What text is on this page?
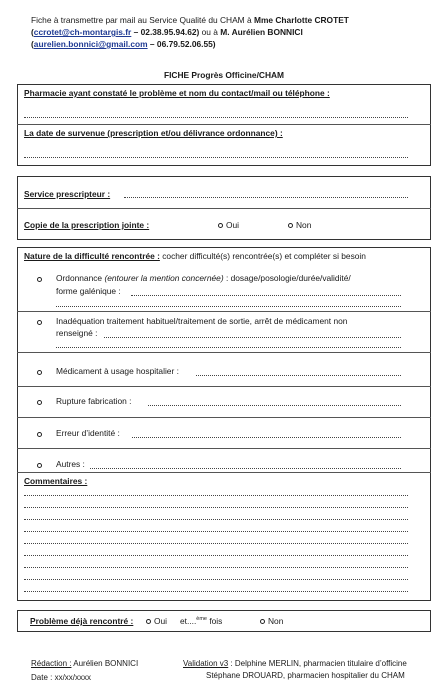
Fiche à transmettre par mail au Service Qualité du CHAM à Mme Charlotte CROTET
(ccrotet@ch-montargis.fr – 02.38.95.94.62) ou à M. Aurélien BONNICI
(aurelien.bonnici@gmail.com – 06.79.52.06.55)
FICHE Progrès Officine/CHAM
Pharmacie ayant constaté le problème et nom du contact/mail ou téléphone :
La date de survenue (prescription et/ou délivrance ordonnance) :
Service prescripteur :
Copie de la prescription jointe :	Oui	Non
Nature de la difficulté rencontrée : cocher difficulté(s) rencontrée(s) et compléter si besoin
Ordonnance (entourer la mention concernée) : dosage/posologie/durée/validité/
forme galénique :
Inadéquation traitement habituel/traitement de sortie, arrêt de médicament non
renseigné :
Médicament à usage hospitalier :
Rupture fabrication :
Erreur d’identité :
Autres :
Commentaires :
Problème déjà rencontré :	Oui et....$^{ème}$ fois	Non
Rédaction : Aurélien BONNICI
Date : xx/xx/xxxx
Validation v3 : Delphine MERLIN, pharmacien titulaire d’officine
Stéphane DROUARD, pharmacien hospitalier du CHAM
